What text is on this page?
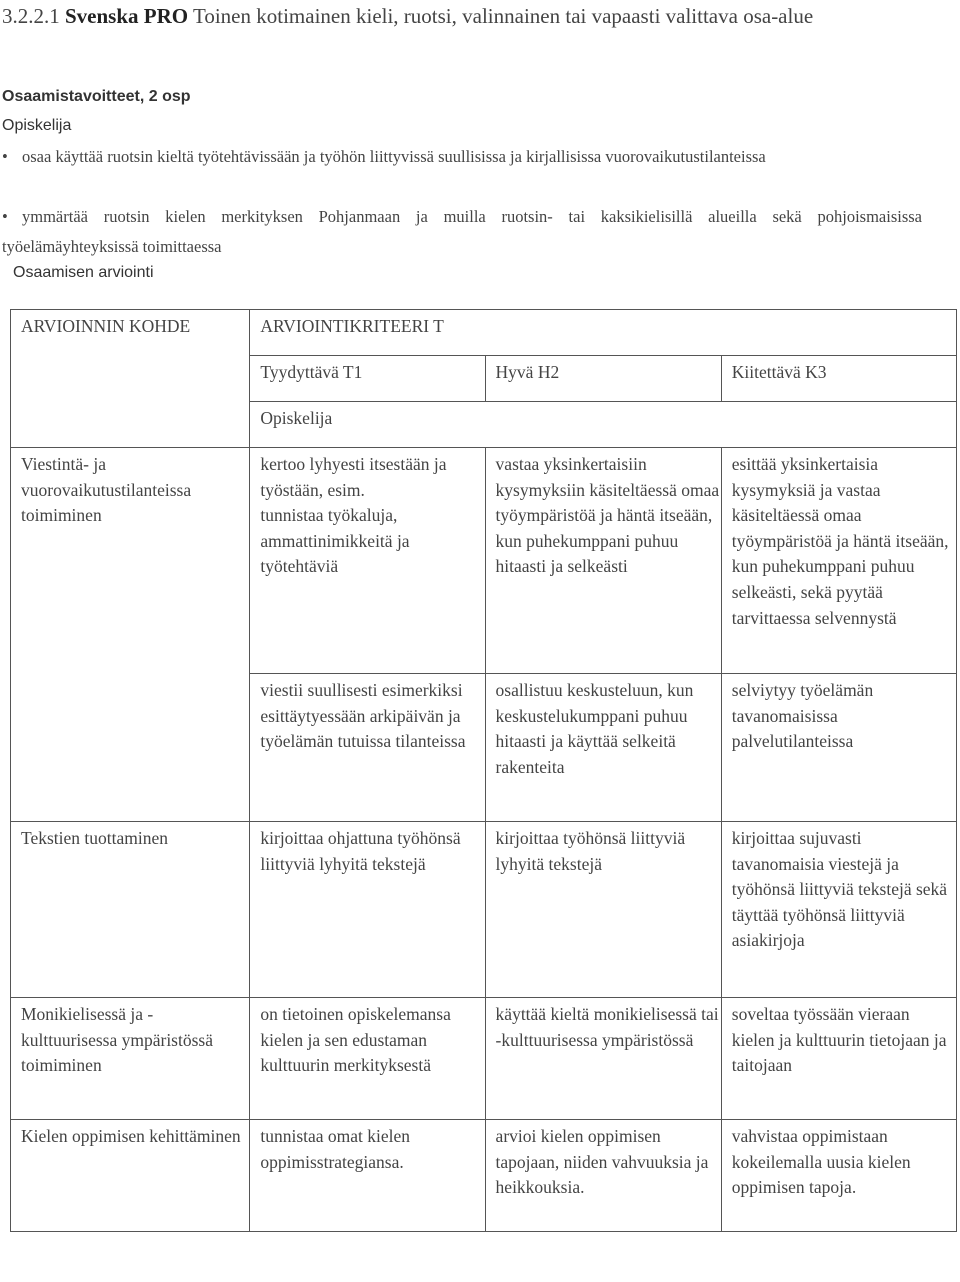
3.2.2.1 Svenska PRO Toinen kotimainen kieli, ruotsi, valinnainen tai vapaasti valittava osa-alue
Osaamistavoitteet, 2 osp
Opiskelija
• osaa käyttää ruotsin kieltä työtehtävissään ja työhön liittyvissä suullisissa ja kirjallisissa vuorovaikutustilanteissa
• ymmärtää ruotsin kielen merkityksen Pohjanmaan ja muilla ruotsin- tai kaksikielisillä alueilla sekä pohjoismaisissa työelämäyhteyksissä toimittaessa
Osaamisen arviointi
ARVIOINNIN KOHDE	ARVIOINTIKRITEERI T		
	Tyydyttävä T1	Hyvä H2	Kiitettävä K3
	Opiskelija		
Viestintä- ja vuorovaikutustilanteissa toimiminen	kertoo lyhyesti itsestään ja
työstään, esim.
tunnistaa työkaluja, ammattinimikkeitä ja työtehtäviä	vastaa yksinkertaisiin kysymyksiin käsiteltäessä omaa työympäristöä ja häntä itseään, kun puhekumppani puhuu hitaasti ja selkeästi	esittää yksinkertaisia kysymyksiä ja vastaa käsiteltäessä omaa työympäristöä ja häntä itseään, kun puhekumppani puhuu selkeästi, sekä pyytää tarvittaessa selvennystä
	viestii suullisesti esimerkiksi esittäytyessään arkipäivän ja työelämän tutuissa tilanteissa	osallistuu keskusteluun, kun keskustelukumppani puhuu hitaasti ja käyttää selkeitä rakenteita	selviytyy työelämän tavanomaisissa palvelutilanteissa
Tekstien tuottaminen	kirjoittaa ohjattuna työhönsä liittyviä lyhyitä tekstejä	kirjoittaa työhönsä liittyviä lyhyitä tekstejä	kirjoittaa sujuvasti tavanomaisia viestejä ja työhönsä liittyviä tekstejä sekä täyttää työhönsä liittyviä asiakirjoja
Monikielisessä ja -kulttuurisessa ympäristössä toimiminen	on tietoinen opiskelemansa kielen ja sen edustaman kulttuurin merkityksestä	käyttää kieltä monikielisessä tai -kulttuurisessa ympäristössä	soveltaa työssään vieraan kielen ja kulttuurin tietojaan ja taitojaan
Kielen oppimisen kehittäminen	tunnistaa omat kielen oppimisstrategiansa.	arvioi kielen oppimisen tapojaan, niiden vahvuuksia ja heikkouksia.	vahvistaa oppimistaan kokeilemalla uusia kielen oppimisen tapoja.
